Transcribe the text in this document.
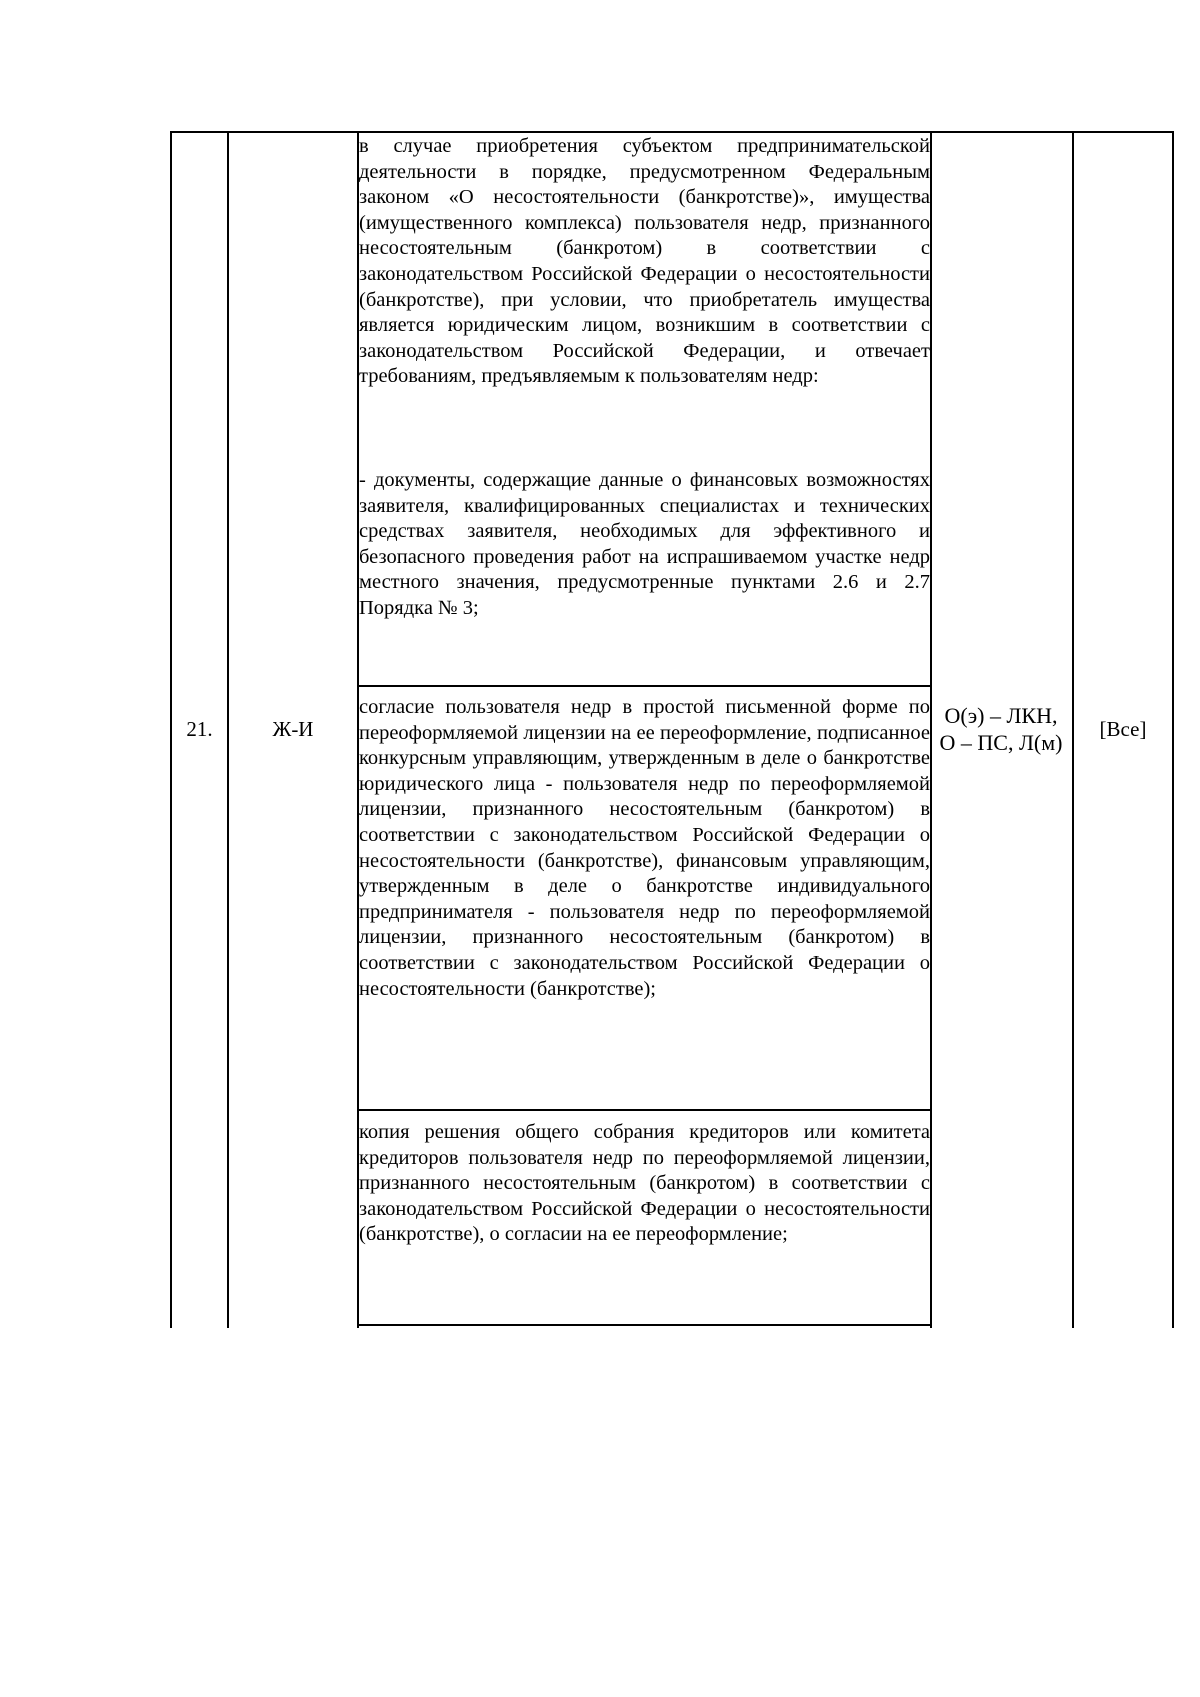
21.	Ж-И
в случае приобретения субъектом предпринимательской деятельности в порядке, предусмотренном Федеральным законом «О несостоятельности (банкротстве)», имущества (имущественного комплекса) пользователя недр, признанного несостоятельным (банкротом) в соответствии с законодательством Российской Федерации о несостоятельности (банкротстве), при условии, что приобретатель имущества является юридическим лицом, возникшим в соответствии с законодательством Российской Федерации, и отвечает требованиям, предъявляемым к пользователям недр:
- документы, содержащие данные о финансовых возможностях заявителя, квалифицированных специалистах и технических средствах заявителя, необходимых для эффективного и безопасного проведения работ на испрашиваемом участке недр местного значения, предусмотренные пунктами 2.6 и 2.7 Порядка № 3;
согласие пользователя недр в простой письменной форме по переоформляемой лицензии на ее переоформление, подписанное конкурсным управляющим, утвержденным в деле о банкротстве юридического лица - пользователя недр по переоформляемой лицензии, признанного несостоятельным (банкротом) в соответствии с законодательством Российской Федерации о несостоятельности (банкротстве), финансовым управляющим, утвержденным в деле о банкротстве индивидуального предпринимателя - пользователя недр по переоформляемой лицензии, признанного несостоятельным (банкротом) в соответствии с законодательством Российской Федерации о несостоятельности (банкротстве);
копия решения общего собрания кредиторов или комитета кредиторов пользователя недр по переоформляемой лицензии, признанного несостоятельным (банкротом) в соответствии с законодательством Российской Федерации о несостоятельности (банкротстве), о согласии на ее переоформление;
О(э) – ЛКН,
О – ПС, Л(м)
[Все]
